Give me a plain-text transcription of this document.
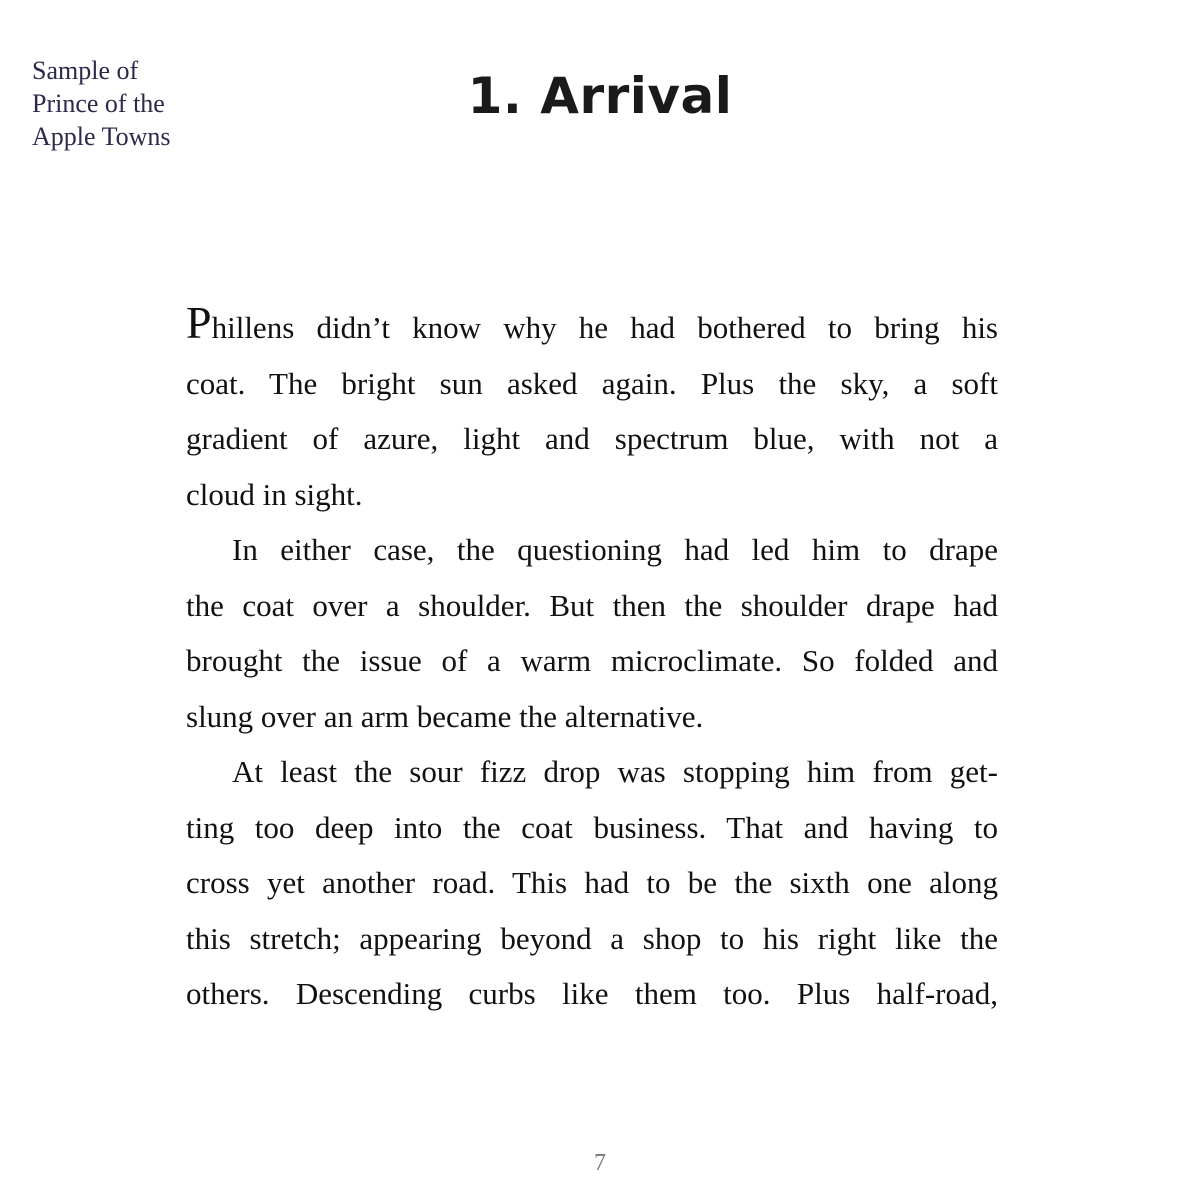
Sample of
Prince of the
Apple Towns
1. Arrival
Phillens didn’t know why he had bothered to bring his
coat. The bright sun asked again. Plus the sky, a soft
gradient of azure, light and spectrum blue, with not a
cloud in sight.
In either case, the questioning had led him to drape
the coat over a shoulder. But then the shoulder drape had
brought the issue of a warm microclimate. So folded and
slung over an arm became the alternative.
At least the sour fizz drop was stopping him from get-
ting too deep into the coat business. That and having to
cross yet another road. This had to be the sixth one along
this stretch; appearing beyond a shop to his right like the
others. Descending curbs like them too. Plus half-road,
7
